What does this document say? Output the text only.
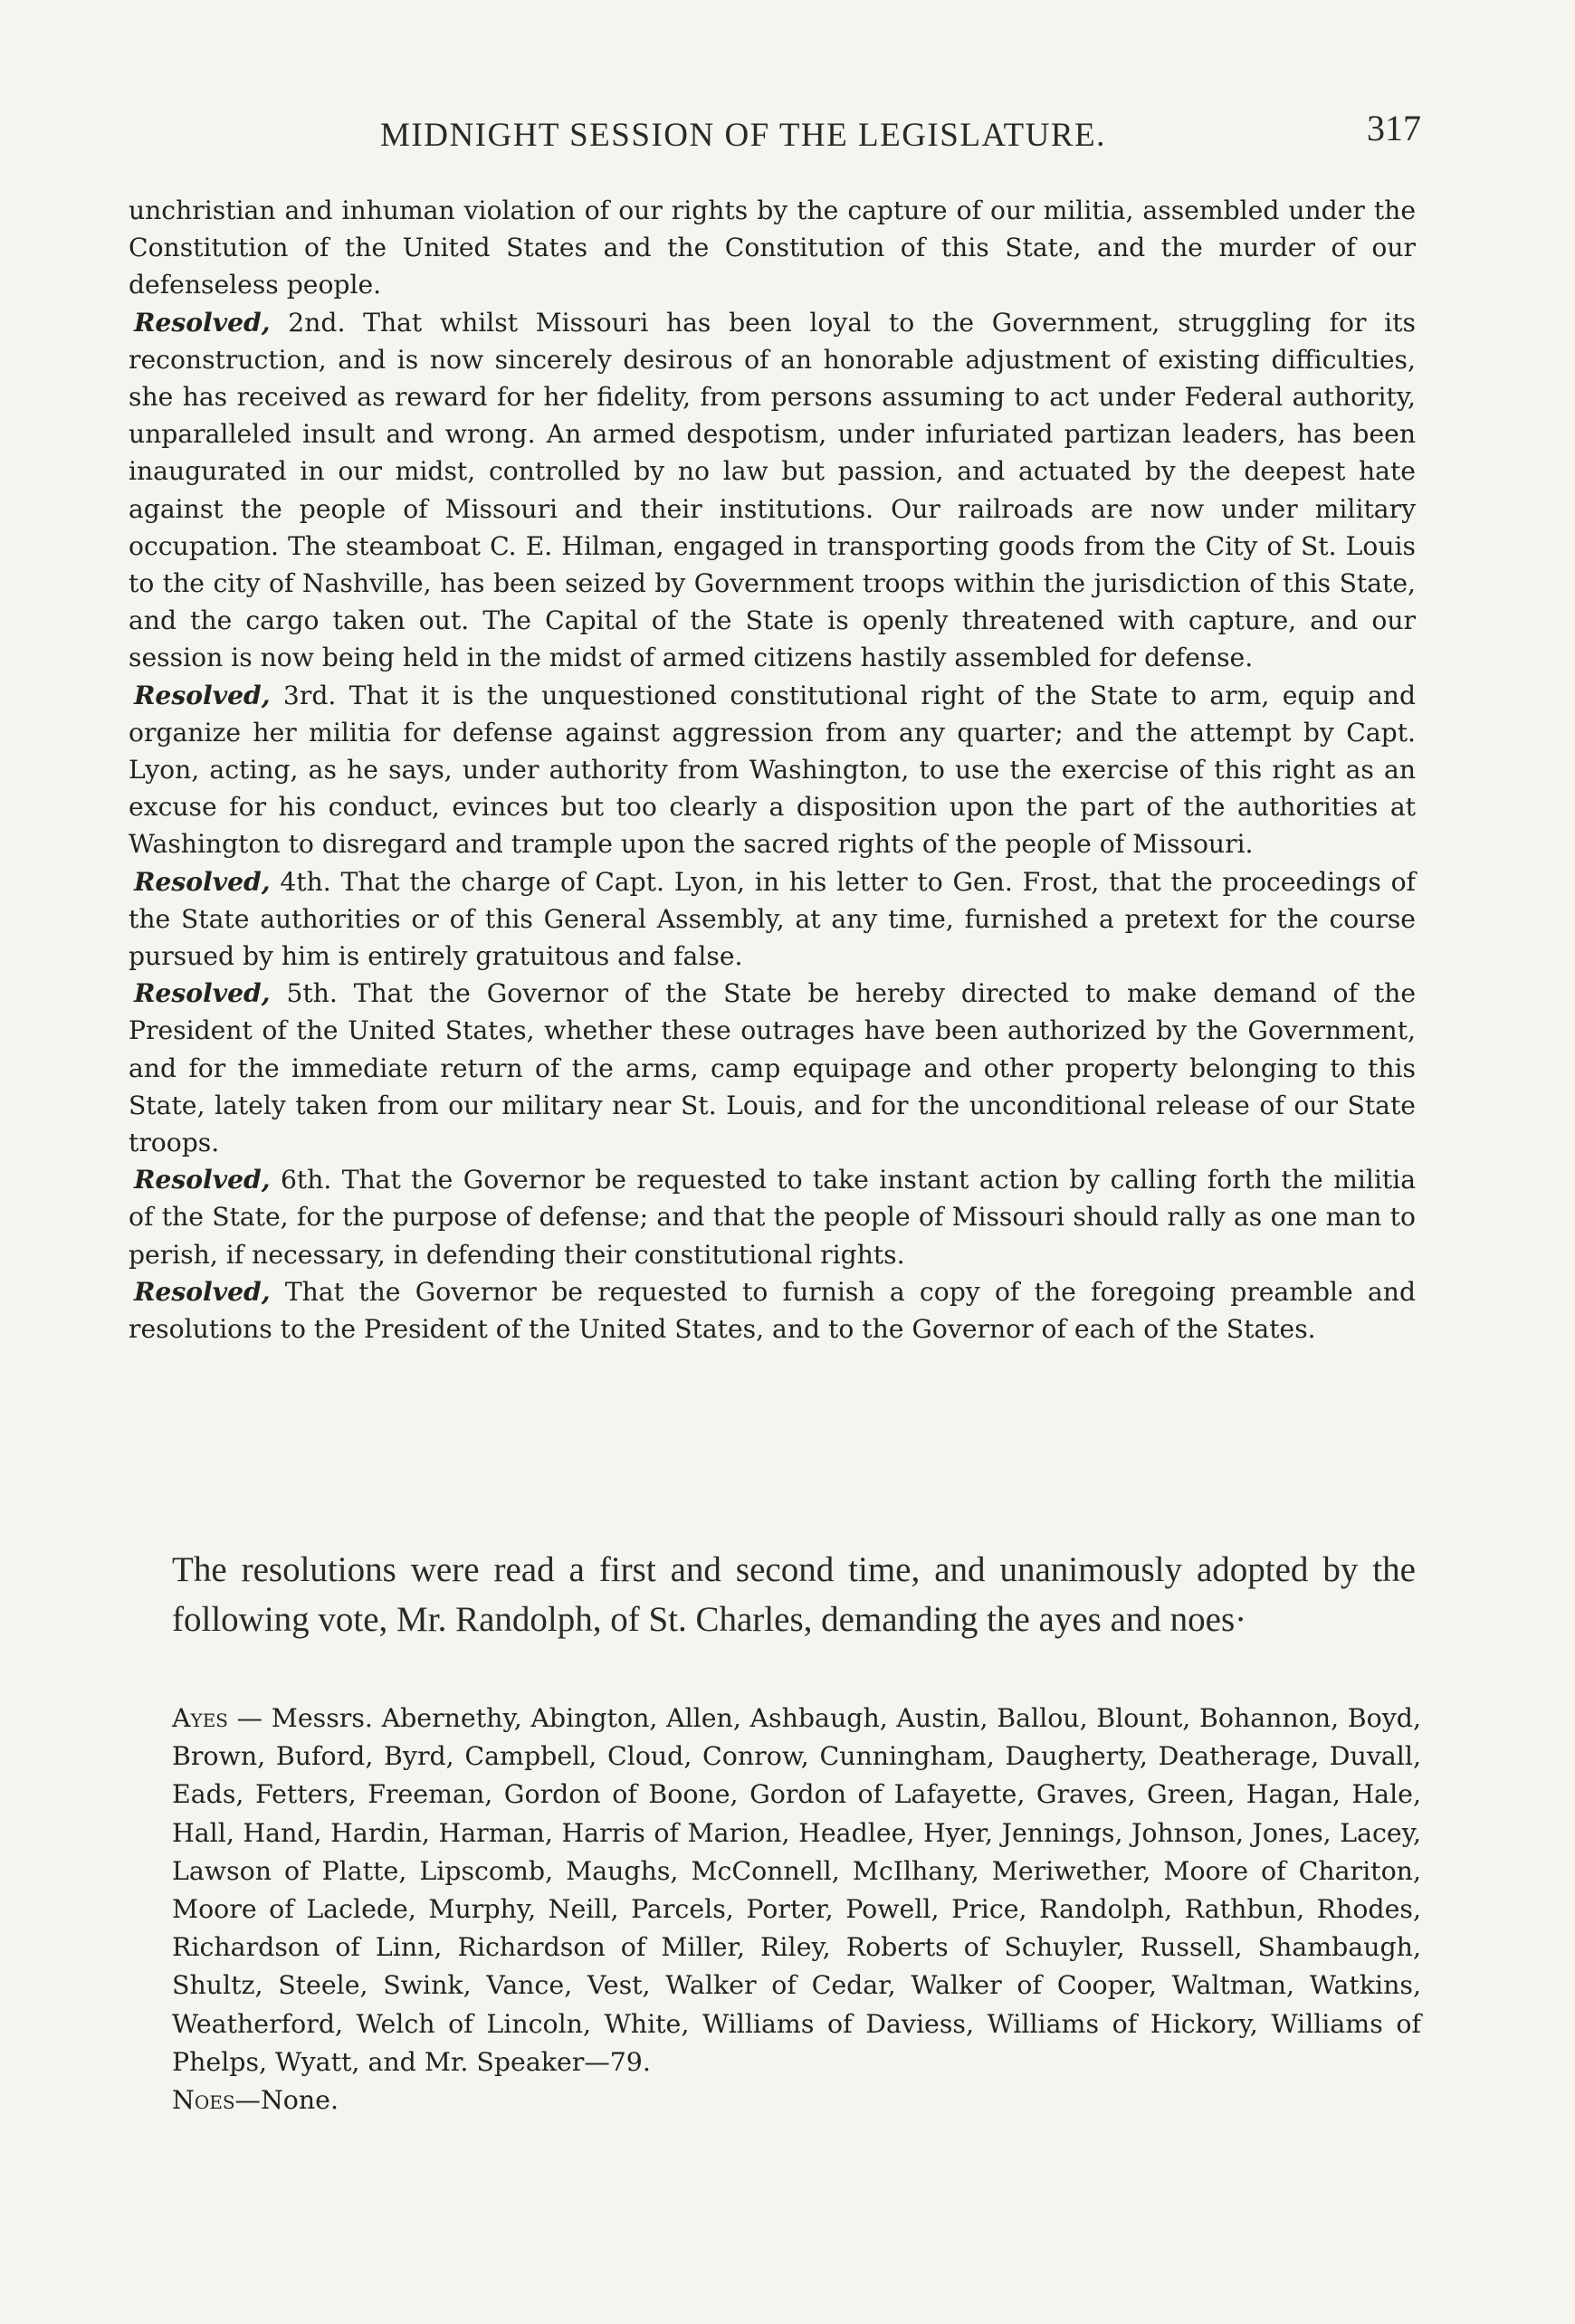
MIDNIGHT SESSION OF THE LEGISLATURE.	317

unchristian and inhuman violation of our rights by the capture of our militia, assembled under the Constitution of the United States and the Constitution of this State, and the murder of our defenseless people.

Resolved, 2nd. That whilst Missouri has been loyal to the Government, struggling for its reconstruction, and is now sincerely desirous of an honorable adjustment of existing difficulties, she has received as reward for her fidelity, from persons assuming to act under Federal authority, unparalleled insult and wrong. An armed despotism, under infuriated partizan leaders, has been inaugurated in our midst, controlled by no law but passion, and actuated by the deepest hate against the people of Missouri and their institutions. Our railroads are now under military occupation. The steamboat C. E. Hilman, engaged in transporting goods from the City of St. Louis to the city of Nashville, has been seized by Government troops within the jurisdiction of this State, and the cargo taken out. The Capital of the State is openly threatened with capture, and our session is now being held in the midst of armed citizens hastily assembled for defense.

Resolved, 3rd. That it is the unquestioned constitutional right of the State to arm, equip and organize her militia for defense against aggression from any quarter; and the attempt by Capt. Lyon, acting, as he says, under authority from Washington, to use the exercise of this right as an excuse for his conduct, evinces but too clearly a disposition upon the part of the authorities at Washington to disregard and trample upon the sacred rights of the people of Missouri.

Resolved, 4th. That the charge of Capt. Lyon, in his letter to Gen. Frost, that the proceedings of the State authorities or of this General Assembly, at any time, furnished a pretext for the course pursued by him is entirely gratuitous and false.

Resolved, 5th. That the Governor of the State be hereby directed to make demand of the President of the United States, whether these outrages have been authorized by the Government, and for the immediate return of the arms, camp equipage and other property belonging to this State, lately taken from our military near St. Louis, and for the unconditional release of our State troops.

Resolved, 6th. That the Governor be requested to take instant action by calling forth the militia of the State, for the purpose of defense; and that the people of Missouri should rally as one man to perish, if necessary, in defending their constitutional rights.

Resolved, That the Governor be requested to furnish a copy of the foregoing preamble and resolutions to the President of the United States, and to the Governor of each of the States.

The resolutions were read a first and second time, and unanimously adopted by the following vote, Mr. Randolph, of St. Charles, demanding the ayes and noes·

Ayes — Messrs. Abernethy, Abington, Allen, Ashbaugh, Austin, Ballou, Blount, Bohannon, Boyd, Brown, Buford, Byrd, Campbell, Cloud, Conrow, Cunningham, Daugherty, Deatherage, Duvall, Eads, Fetters, Freeman, Gordon of Boone, Gordon of Lafayette, Graves, Green, Hagan, Hale, Hall, Hand, Hardin, Harman, Harris of Marion, Headlee, Hyer, Jennings, Johnson, Jones, Lacey, Lawson of Platte, Lipscomb, Maughs, McConnell, McIlhany, Meriwether, Moore of Chariton, Moore of Laclede, Murphy, Neill, Parcels, Porter, Powell, Price, Randolph, Rathbun, Rhodes, Richardson of Linn, Richardson of Miller, Riley, Roberts of Schuyler, Russell, Shambaugh, Shultz, Steele, Swink, Vance, Vest, Walker of Cedar, Walker of Cooper, Waltman, Watkins, Weatherford, Welch of Lincoln, White, Williams of Daviess, Williams of Hickory, Williams of Phelps, Wyatt, and Mr. Speaker—79.

Noes—None.
